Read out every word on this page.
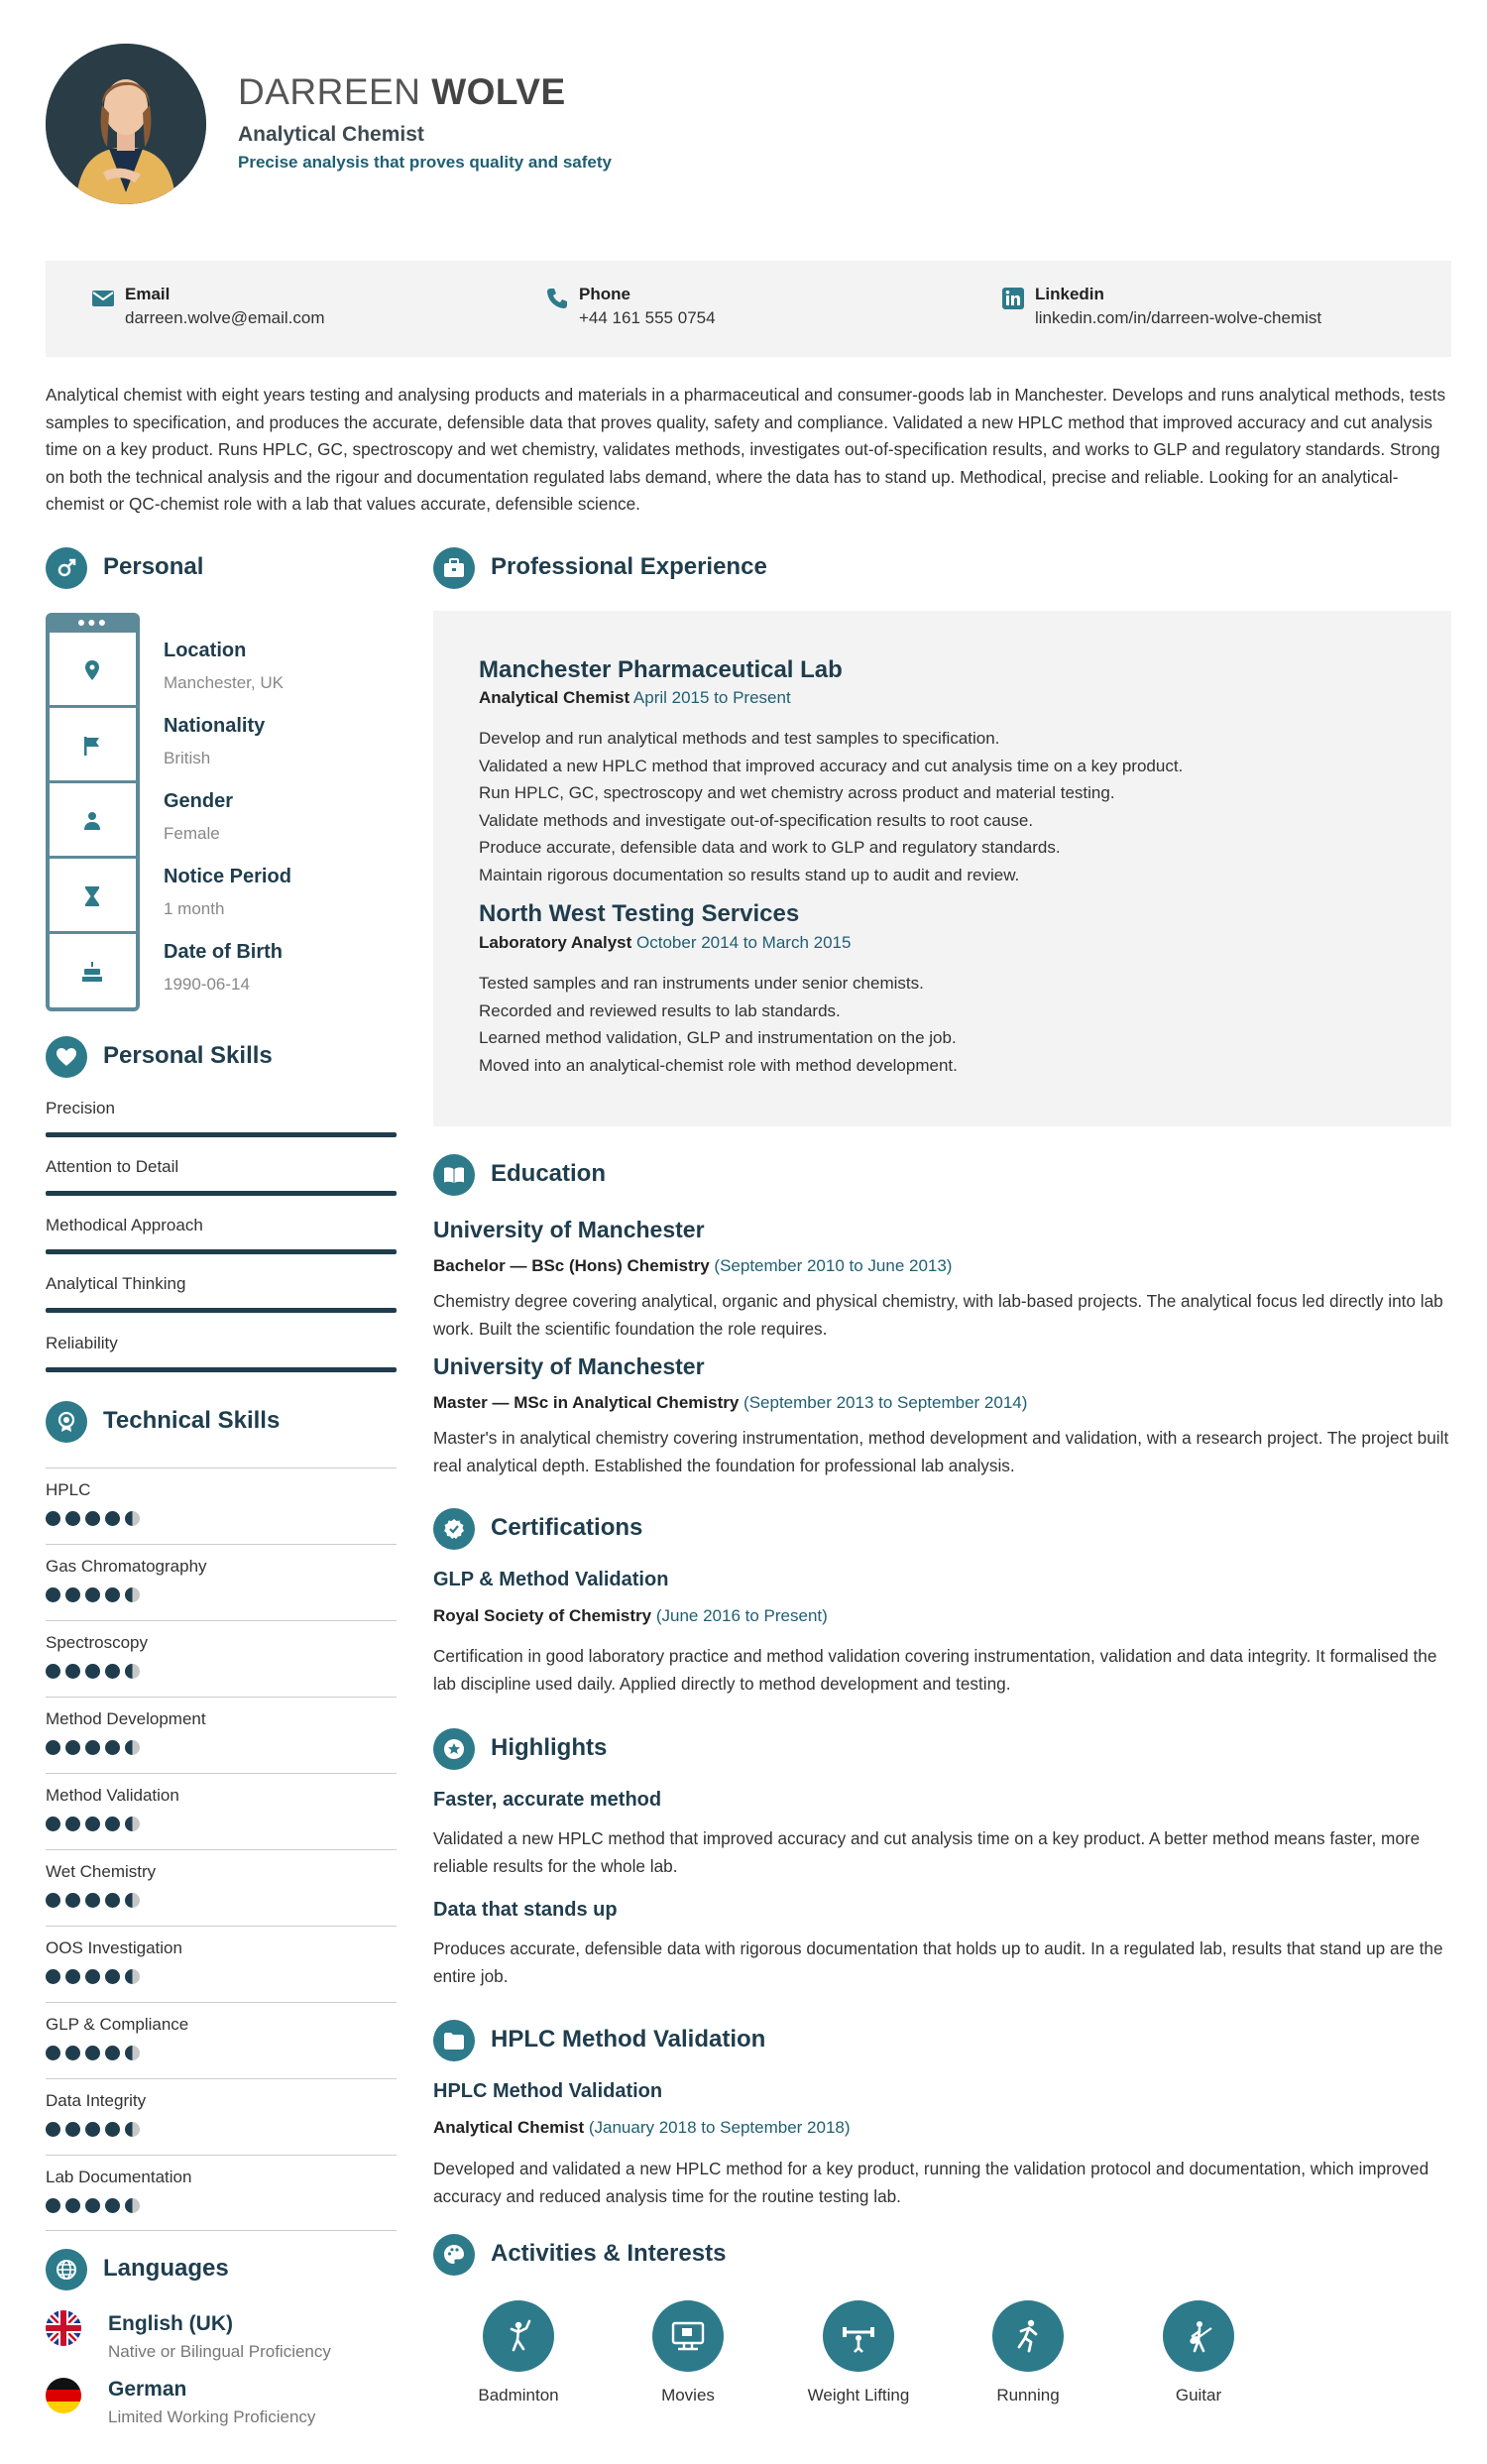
DARREEN WOLVE
Analytical Chemist
Precise analysis that proves quality and safety
Email
darreen.wolve@email.com
Phone
+44 161 555 0754
Linkedin
linkedin.com/in/darreen-wolve-chemist
Analytical chemist with eight years testing and analysing products and materials in a pharmaceutical and consumer-goods lab in Manchester. Develops and runs analytical methods, tests samples to specification, and produces the accurate, defensible data that proves quality, safety and compliance. Validated a new HPLC method that improved accuracy and cut analysis time on a key product. Runs HPLC, GC, spectroscopy and wet chemistry, validates methods, investigates out-of-specification results, and works to GLP and regulatory standards. Strong on both the technical analysis and the rigour and documentation regulated labs demand, where the data has to stand up. Methodical, precise and reliable. Looking for an analytical-chemist or QC-chemist role with a lab that values accurate, defensible science.
Personal
●●●
Location
Manchester, UK
Nationality
British
Gender
Female
Notice Period
1 month
Date of Birth
1990-06-14
Personal Skills
Precision
Attention to Detail
Methodical Approach
Analytical Thinking
Reliability
Technical Skills
HPLC
Gas Chromatography
Spectroscopy
Method Development
Method Validation
Wet Chemistry
OOS Investigation
GLP & Compliance
Data Integrity
Lab Documentation
Languages
English (UK)
Native or Bilingual Proficiency
German
Limited Working Proficiency
Professional Experience
Manchester Pharmaceutical Lab
Analytical Chemist April 2015 to Present
Develop and run analytical methods and test samples to specification.
Validated a new HPLC method that improved accuracy and cut analysis time on a key product.
Run HPLC, GC, spectroscopy and wet chemistry across product and material testing.
Validate methods and investigate out-of-specification results to root cause.
Produce accurate, defensible data and work to GLP and regulatory standards.
Maintain rigorous documentation so results stand up to audit and review.
North West Testing Services
Laboratory Analyst October 2014 to March 2015
Tested samples and ran instruments under senior chemists.
Recorded and reviewed results to lab standards.
Learned method validation, GLP and instrumentation on the job.
Moved into an analytical-chemist role with method development.
Education
University of Manchester
Bachelor — BSc (Hons) Chemistry (September 2010 to June 2013)
Chemistry degree covering analytical, organic and physical chemistry, with lab-based projects. The analytical focus led directly into lab work. Built the scientific foundation the role requires.
University of Manchester
Master — MSc in Analytical Chemistry (September 2013 to September 2014)
Master's in analytical chemistry covering instrumentation, method development and validation, with a research project. The project built real analytical depth. Established the foundation for professional lab analysis.
Certifications
GLP & Method Validation
Royal Society of Chemistry (June 2016 to Present)
Certification in good laboratory practice and method validation covering instrumentation, validation and data integrity. It formalised the lab discipline used daily. Applied directly to method development and testing.
Highlights
Faster, accurate method
Validated a new HPLC method that improved accuracy and cut analysis time on a key product. A better method means faster, more reliable results for the whole lab.
Data that stands up
Produces accurate, defensible data with rigorous documentation that holds up to audit. In a regulated lab, results that stand up are the entire job.
HPLC Method Validation
HPLC Method Validation
Analytical Chemist (January 2018 to September 2018)
Developed and validated a new HPLC method for a key product, running the validation protocol and documentation, which improved accuracy and reduced analysis time for the routine testing lab.
Activities & Interests
Badminton	Movies	Weight Lifting	Running	Guitar
